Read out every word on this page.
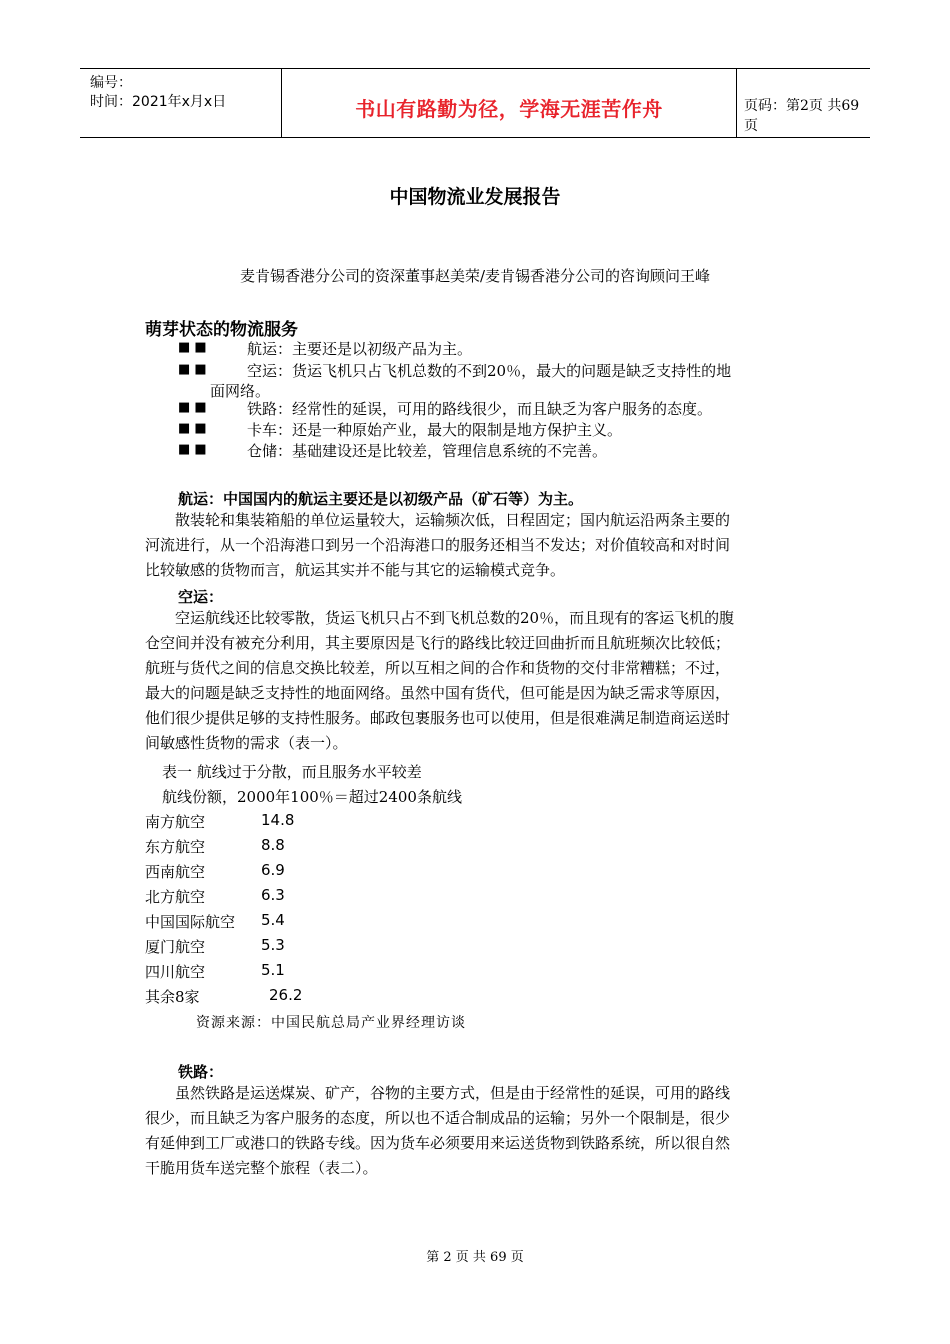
编号：
时间：2021年x月x日	书山有路勤为径，学海无涯苦作舟	页码：第2页 共69页
中国物流业发展报告
麦肯锡香港分公司的资深董事赵美荣/麦肯锡香港分公司的咨询顾问王峰
萌芽状态的物流服务
■ ■	航运：主要还是以初级产品为主。
■ ■	空运：货运飞机只占飞机总数的不到20％，最大的问题是缺乏支持性的地
面网络。
■ ■	铁路：经常性的延误，可用的路线很少，而且缺乏为客户服务的态度。
■ ■	卡车：还是一种原始产业，最大的限制是地方保护主义。
■ ■	仓储：基础建设还是比较差，管理信息系统的不完善。
航运：中国国内的航运主要还是以初级产品（矿石等）为主。
散装轮和集装箱船的单位运量较大，运输频次低，日程固定；国内航运沿两条主要的
河流进行，从一个沿海港口到另一个沿海港口的服务还相当不发达；对价值较高和对时间
比较敏感的货物而言，航运其实并不能与其它的运输模式竞争。
空运：
空运航线还比较零散，货运飞机只占不到飞机总数的20％，而且现有的客运飞机的腹
仓空间并没有被充分利用，其主要原因是飞行的路线比较迂回曲折而且航班频次比较低；
航班与货代之间的信息交换比较差，所以互相之间的合作和货物的交付非常糟糕；不过，
最大的问题是缺乏支持性的地面网络。虽然中国有货代，但可能是因为缺乏需求等原因，
他们很少提供足够的支持性服务。邮政包裹服务也可以使用，但是很难满足制造商运送时
间敏感性货物的需求（表一）。
表一 航线过于分散，而且服务水平较差
航线份额，2000年100％＝超过2400条航线
南方航空	14.8
东方航空	8.8
西南航空	6.9
北方航空	6.3
中国国际航空 5.4
厦门航空	5.3
四川航空	5.1
其余8家	26.2
资源来源：中国民航总局产业界经理访谈
铁路：
虽然铁路是运送煤炭、矿产，谷物的主要方式，但是由于经常性的延误，可用的路线
很少，而且缺乏为客户服务的态度，所以也不适合制成品的运输；另外一个限制是，很少
有延伸到工厂或港口的铁路专线。因为货车必须要用来运送货物到铁路系统，所以很自然
干脆用货车送完整个旅程（表二）。
第 2 页 共 69 页
